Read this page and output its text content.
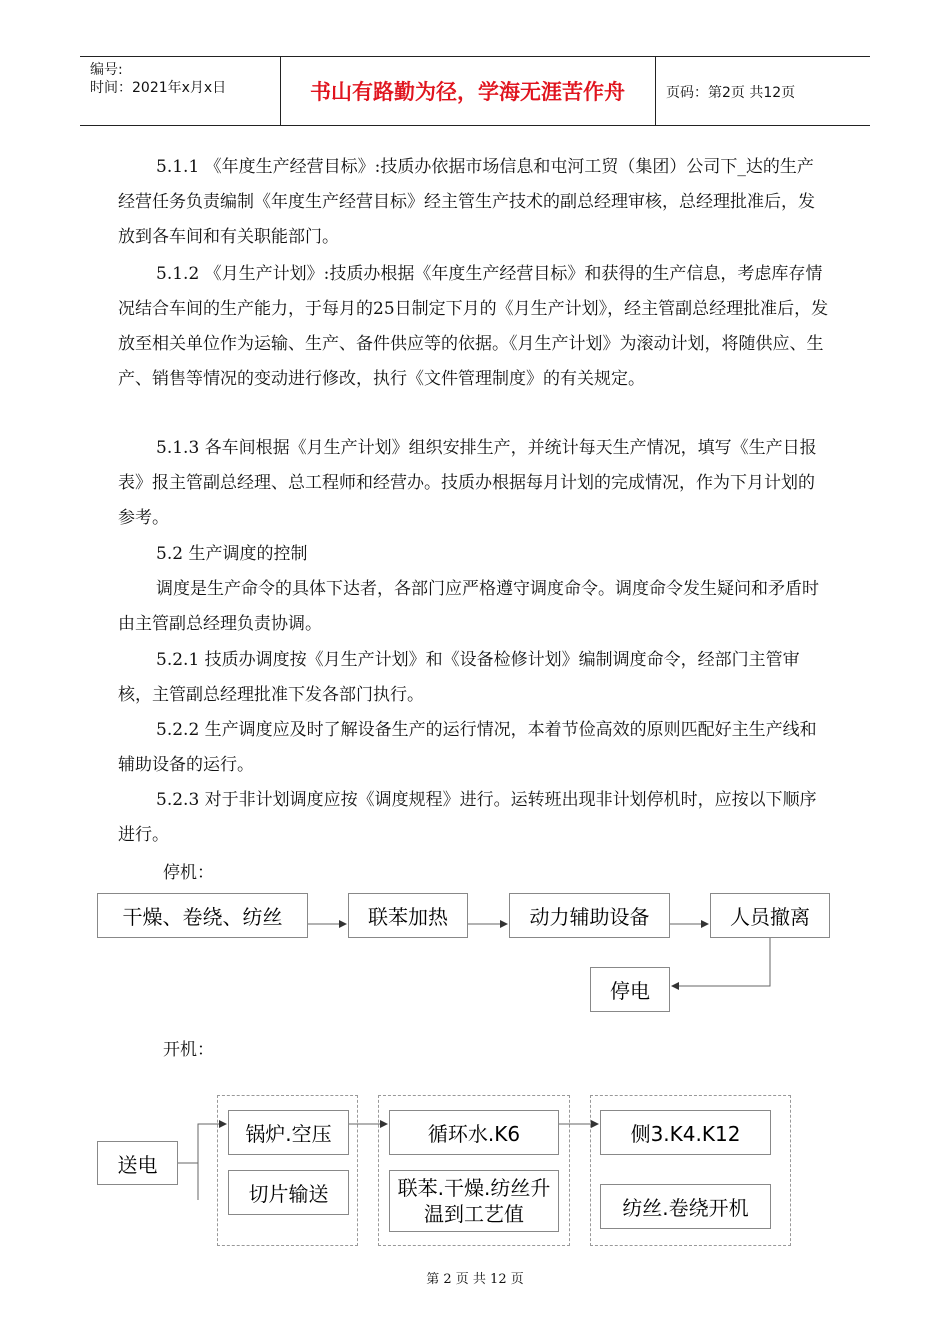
编号:
时间：2021年x月x日	书山有路勤为径，学海无涯苦作舟	页码：第2页 共12页

5.1.1 《年度生产经营目标》:技质办依据市场信息和屯河工贸（集团）公司下_达的生产经营任务负责编制《年度生产经营目标》经主管生产技术的副总经理审核，总经理批准后，发放到各车间和有关职能部门。

5.1.2 《月生产计划》:技质办根据《年度生产经营目标》和获得的生产信息，考虑库存情况结合车间的生产能力，于每月的25日制定下月的《月生产计划》，经主管副总经理批准后，发放至相关单位作为运输、生产、备件供应等的依据。《月生产计划》为滚动计划，将随供应、生产、销售等情况的变动进行修改，执行《文件管理制度》的有关规定。

5.1.3 各车间根据《月生产计划》组织安排生产，并统计每天生产情况，填写《生产日报表》报主管副总经理、总工程师和经营办。技质办根据每月计划的完成情况，作为下月计划的参考。

5.2 生产调度的控制

调度是生产命令的具体下达者，各部门应严格遵守调度命令。调度命令发生疑问和矛盾时由主管副总经理负责协调。

5.2.1 技质办调度按《月生产计划》和《设备检修计划》编制调度命令，经部门主管审核，主管副总经理批准下发各部门执行。

5.2.2 生产调度应及时了解设备生产的运行情况，本着节俭高效的原则匹配好主生产线和辅助设备的运行。

5.2.3 对于非计划调度应按《调度规程》进行。运转班出现非计划停机时，应按以下顺序进行。

停机：
干燥、卷绕、纺丝	联苯加热	动力辅助设备	人员撤离
停电
开机：
送电
锅炉.空压
切片输送
循环水.K6
联苯.干燥.纺丝升温到工艺值
侧3.K4.K12
纺丝.卷绕开机
第 2 页 共 12 页
